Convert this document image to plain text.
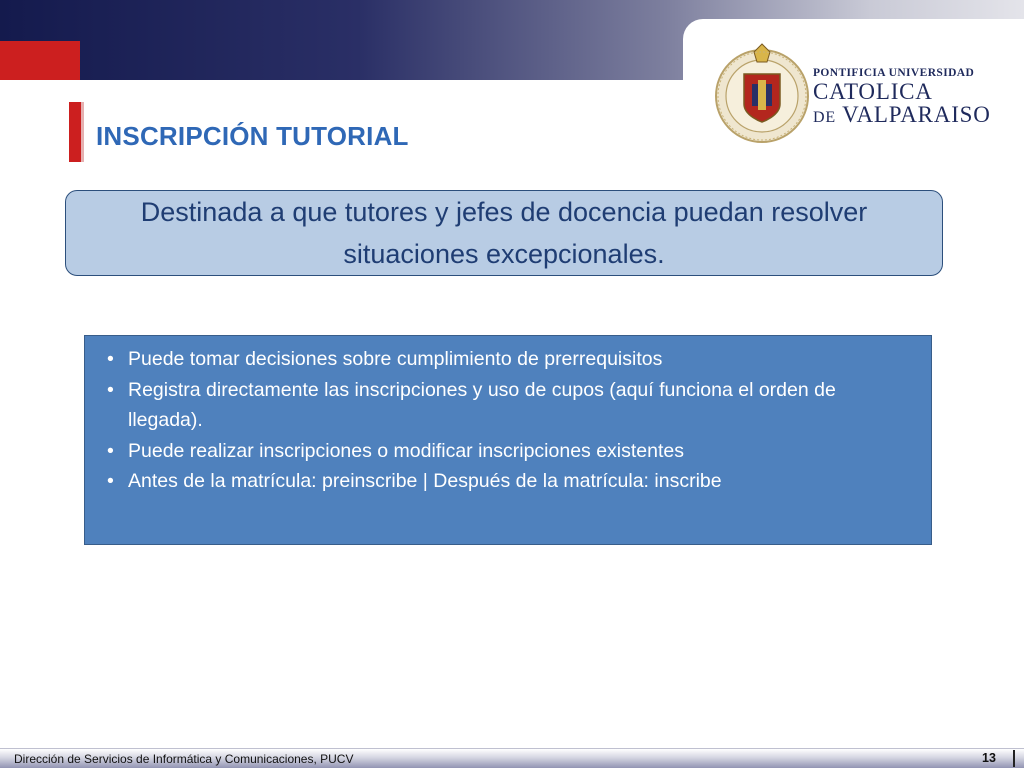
PONTIFICIA UNIVERSIDAD
CATOLICA
DE VALPARAISO
INSCRIPCIÓN TUTORIAL
Destinada a que tutores y jefes de docencia puedan resolver situaciones excepcionales.
• Puede tomar decisiones sobre cumplimiento de prerrequisitos
• Registra directamente las inscripciones y uso de cupos (aquí funciona el orden de llegada).
• Puede realizar inscripciones o modificar inscripciones existentes
• Antes de la matrícula: preinscribe | Después de la matrícula: inscribe
Dirección de Servicios de Informática y Comunicaciones, PUCV	13
